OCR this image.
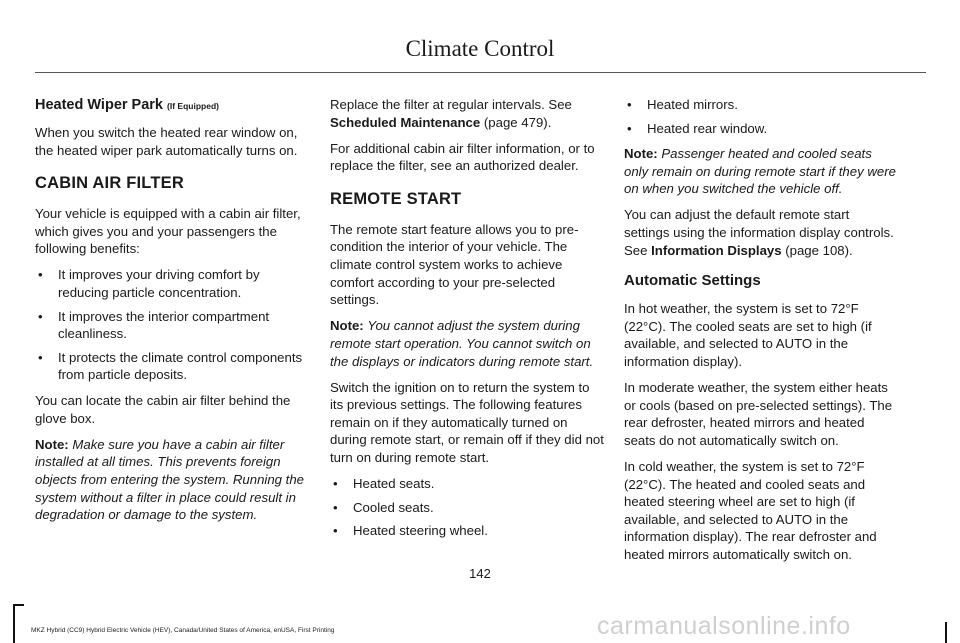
Climate Control
Heated Wiper Park (If Equipped)

When you switch the heated rear window on, the heated wiper park automatically turns on.

CABIN AIR FILTER

Your vehicle is equipped with a cabin air filter, which gives you and your passengers the following benefits:

• It improves your driving comfort by reducing particle concentration.
• It improves the interior compartment cleanliness.
• It protects the climate control components from particle deposits.

You can locate the cabin air filter behind the glove box.

Note: Make sure you have a cabin air filter installed at all times. This prevents foreign objects from entering the system. Running the system without a filter in place could result in degradation or damage to the system.

Replace the filter at regular intervals. See Scheduled Maintenance (page 479).

For additional cabin air filter information, or to replace the filter, see an authorized dealer.

REMOTE START

The remote start feature allows you to pre-condition the interior of your vehicle. The climate control system works to achieve comfort according to your pre-selected settings.

Note: You cannot adjust the system during remote start operation. You cannot switch on the displays or indicators during remote start.

Switch the ignition on to return the system to its previous settings. The following features remain on if they automatically turned on during remote start, or remain off if they did not turn on during remote start.

• Heated seats.
• Cooled seats.
• Heated steering wheel.
• Heated mirrors.
• Heated rear window.

Note: Passenger heated and cooled seats only remain on during remote start if they were on when you switched the vehicle off.

You can adjust the default remote start settings using the information display controls. See Information Displays (page 108).

Automatic Settings

In hot weather, the system is set to 72°F (22°C). The cooled seats are set to high (if available, and selected to AUTO in the information display).

In moderate weather, the system either heats or cools (based on pre-selected settings). The rear defroster, heated mirrors and heated seats do not automatically switch on.

In cold weather, the system is set to 72°F (22°C). The heated and cooled seats and heated steering wheel are set to high (if available, and selected to AUTO in the information display). The rear defroster and heated mirrors automatically switch on.

142
MKZ Hybrid (CC9) Hybrid Electric Vehicle (HEV), Canada/United States of America, enUSA, First Printing	carmanualsonline.info
